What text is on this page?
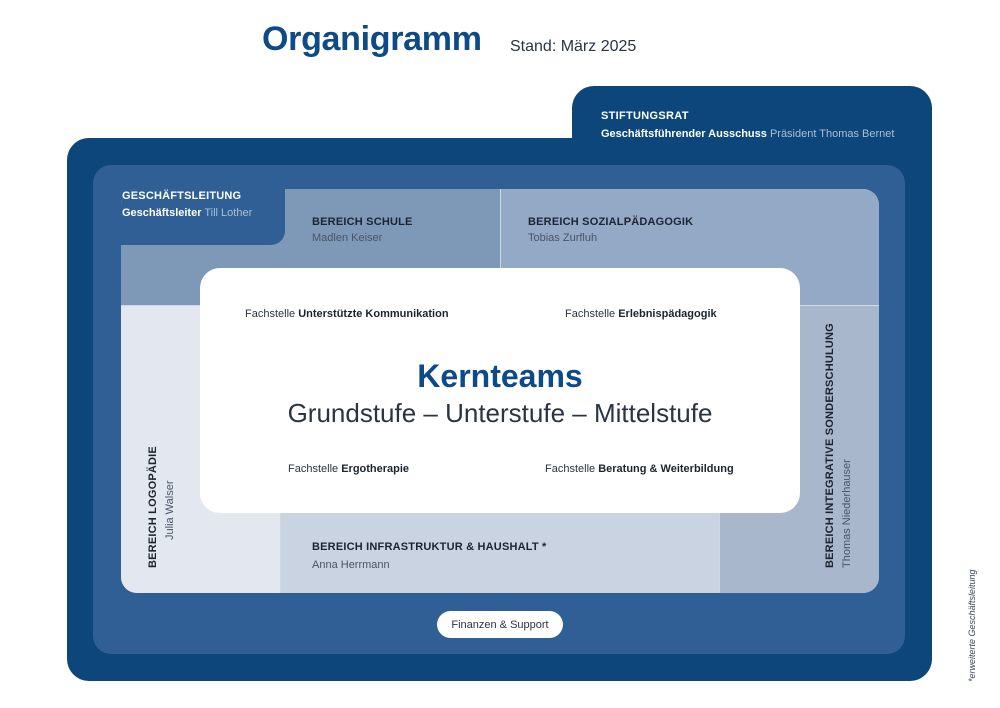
Organigramm Stand: März 2025
STIFTUNGSRAT
Geschäftsführender Ausschuss Präsident Thomas Bernet
BEREICH SCHULE
Madlen Keiser
BEREICH SOZIALPÄDAGOGIK
Tobias Zurfluh
BEREICH LOGOPÄDIE Julia Walser
BEREICH INFRASTRUKTUR & HAUSHALT *
Anna Herrmann	BEREICH INTEGRATIVE SONDERSCHULUNG Thomas Niederhauser
GESCHÄFTSLEITUNG
Geschäftsleiter Till Lother
Fachstelle Unterstützte Kommunikation	Fachstelle Erlebnispädagogik
Kernteams
Grundstufe – Unterstufe – Mittelstufe
Fachstelle Ergotherapie	Fachstelle Beratung & Weiterbildung
Finanzen & Support	*erweiterte Geschäftsleitung
